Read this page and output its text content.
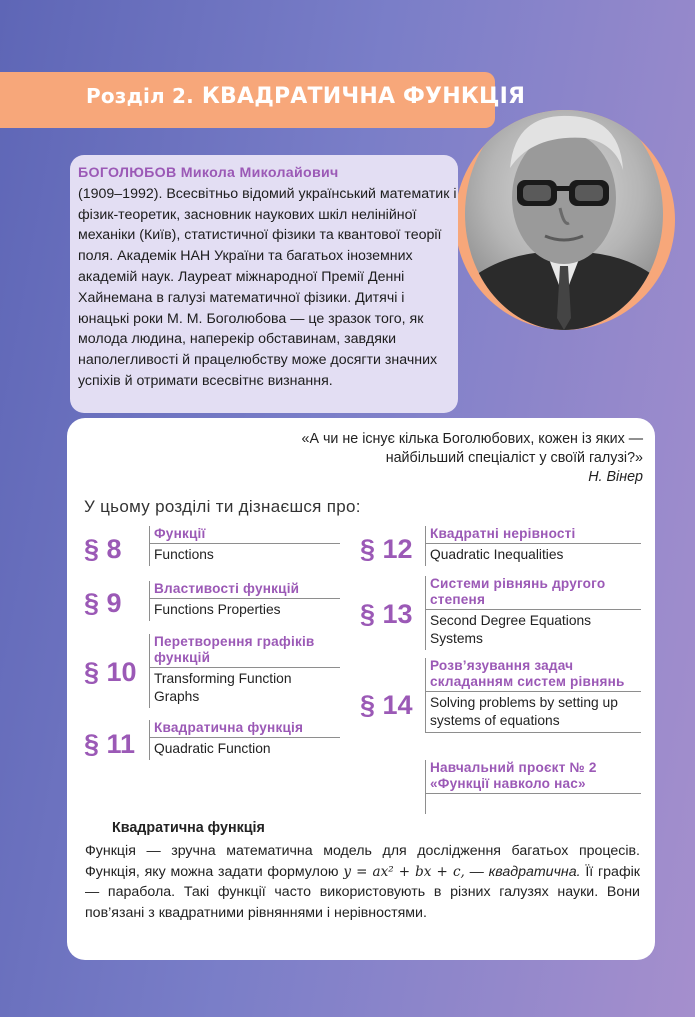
Розділ 2. КВАДРАТИЧНА ФУНКЦІЯ
БОГОЛЮБОВ Микола Миколайович
(1909–1992). Всесвітньо відомий український математик і фізик-теоретик, засновник наукових шкіл нелінійної механіки (Київ), статистичної фізики та квантової теорії поля. Академік НАН України та багатьох іноземних академій наук. Лауреат міжнародної Премії Денні Хайнемана в галузі математичної фізики. Дитячі і юнацькі роки М. М. Боголюбова — це зразок того, як молода людина, наперекір обставинам, завдяки наполегливості й працелюбству може досягти значних успіхів й отримати всесвітнє визнання.
«А чи не існує кілька Боголюбових, кожен із яких —
найбільший спеціаліст у своїй галузі?»
Н. Вінер
У цьому розділі ти дізнаєшся про:
§ 8
Функції
Functions
§ 9 Властивості функцій
Functions Properties
§ 10
Перетворення графіків функцій
Transforming Function Graphs
§ 11
Квадратична функція
Quadratic Function
§ 12
Квадратні нерівності
Quadratic Inequalities
§ 13
Системи рівнянь другого степеня
Second Degree Equations Systems
§ 14
Розв’язування задач складанням систем рівнянь
Solving problems by setting up systems of equations
Навчальний проєкт № 2 «Функції навколо нас»
Квадратична функція
Функція — зручна математична модель для дослідження багатьох процесів. Функція, яку можна задати формулою y = ax² + bx + c, — квадратична. Її графік — парабола. Такі функції часто використовують в різних галузях науки. Вони пов’язані з квадратними рівняннями і нерівностями.
